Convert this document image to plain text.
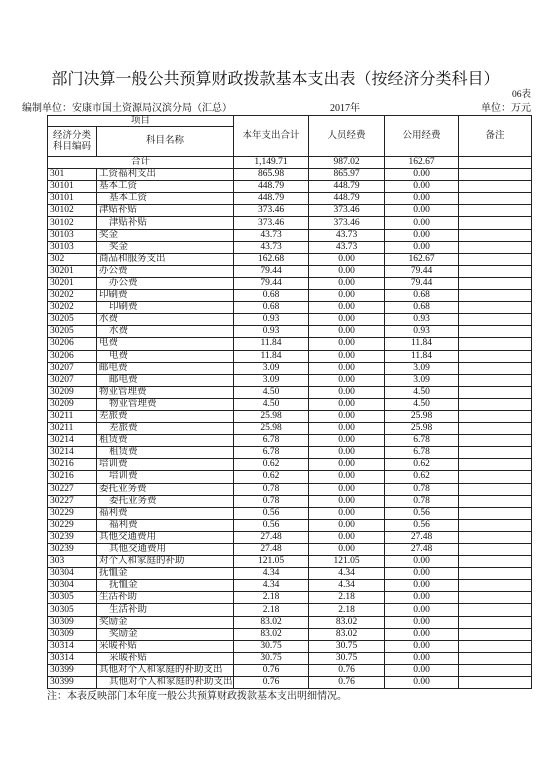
部门决算一般公共预算财政拨款基本支出表（按经济分类科目）
06表
编制单位：安康市国土资源局汉滨分局（汇总）	2017年	单位：万元
项目		本年支出合计	人员经费	公用经费	备注

经济分类
科目编码	科目名称				
合计		1,149.71	987.02	162.67	
301	工资福利支出	865.98	865.97	0.00	
30101	基本工资	448.79	448.79	0.00	
30101	基本工资	448.79	448.79	0.00	
30102	津贴补贴	373.46	373.46	0.00	
30102	津贴补贴	373.46	373.46	0.00	
30103	奖金	43.73	43.73	0.00	
30103	奖金	43.73	43.73	0.00	
302	商品和服务支出	162.68	0.00	162.67	
30201	办公费	79.44	0.00	79.44	
30201	办公费	79.44	0.00	79.44	
30202	印刷费	0.68	0.00	0.68	
30202	印刷费	0.68	0.00	0.68	
30205	水费	0.93	0.00	0.93	
30205	水费	0.93	0.00	0.93	
30206	电费	11.84	0.00	11.84	
30206	电费	11.84	0.00	11.84	
30207	邮电费	3.09	0.00	3.09	
30207	邮电费	3.09	0.00	3.09	
30209	物业管理费	4.50	0.00	4.50	
30209	物业管理费	4.50	0.00	4.50	
30211	差旅费	25.98	0.00	25.98	
30211	差旅费	25.98	0.00	25.98	
30214	租赁费	6.78	0.00	6.78	
30214	租赁费	6.78	0.00	6.78	
30216	培训费	0.62	0.00	0.62	
30216	培训费	0.62	0.00	0.62	
30227	委托业务费	0.78	0.00	0.78	
30227	委托业务费	0.78	0.00	0.78	
30229	福利费	0.56	0.00	0.56	
30229	福利费	0.56	0.00	0.56	
30239	其他交通费用	27.48	0.00	27.48	
30239	其他交通费用	27.48	0.00	27.48	
303	对个人和家庭的补助	121.05	121.05	0.00	
30304	抚恤金	4.34	4.34	0.00	
30304	抚恤金	4.34	4.34	0.00	
30305	生活补助	2.18	2.18	0.00	
30305	生活补助	2.18	2.18	0.00	
30309	奖励金	83.02	83.02	0.00	
30309	奖励金	83.02	83.02	0.00	
30314	采暖补贴	30.75	30.75	0.00	
30314	采暖补贴	30.75	30.75	0.00	
30399	其他对个人和家庭的补助支出	0.76	0.76	0.00	
30399	其他对个人和家庭的补助支出	0.76	0.76	0.00	
注：本表反映部门本年度一般公共预算财政拨款基本支出明细情况。
